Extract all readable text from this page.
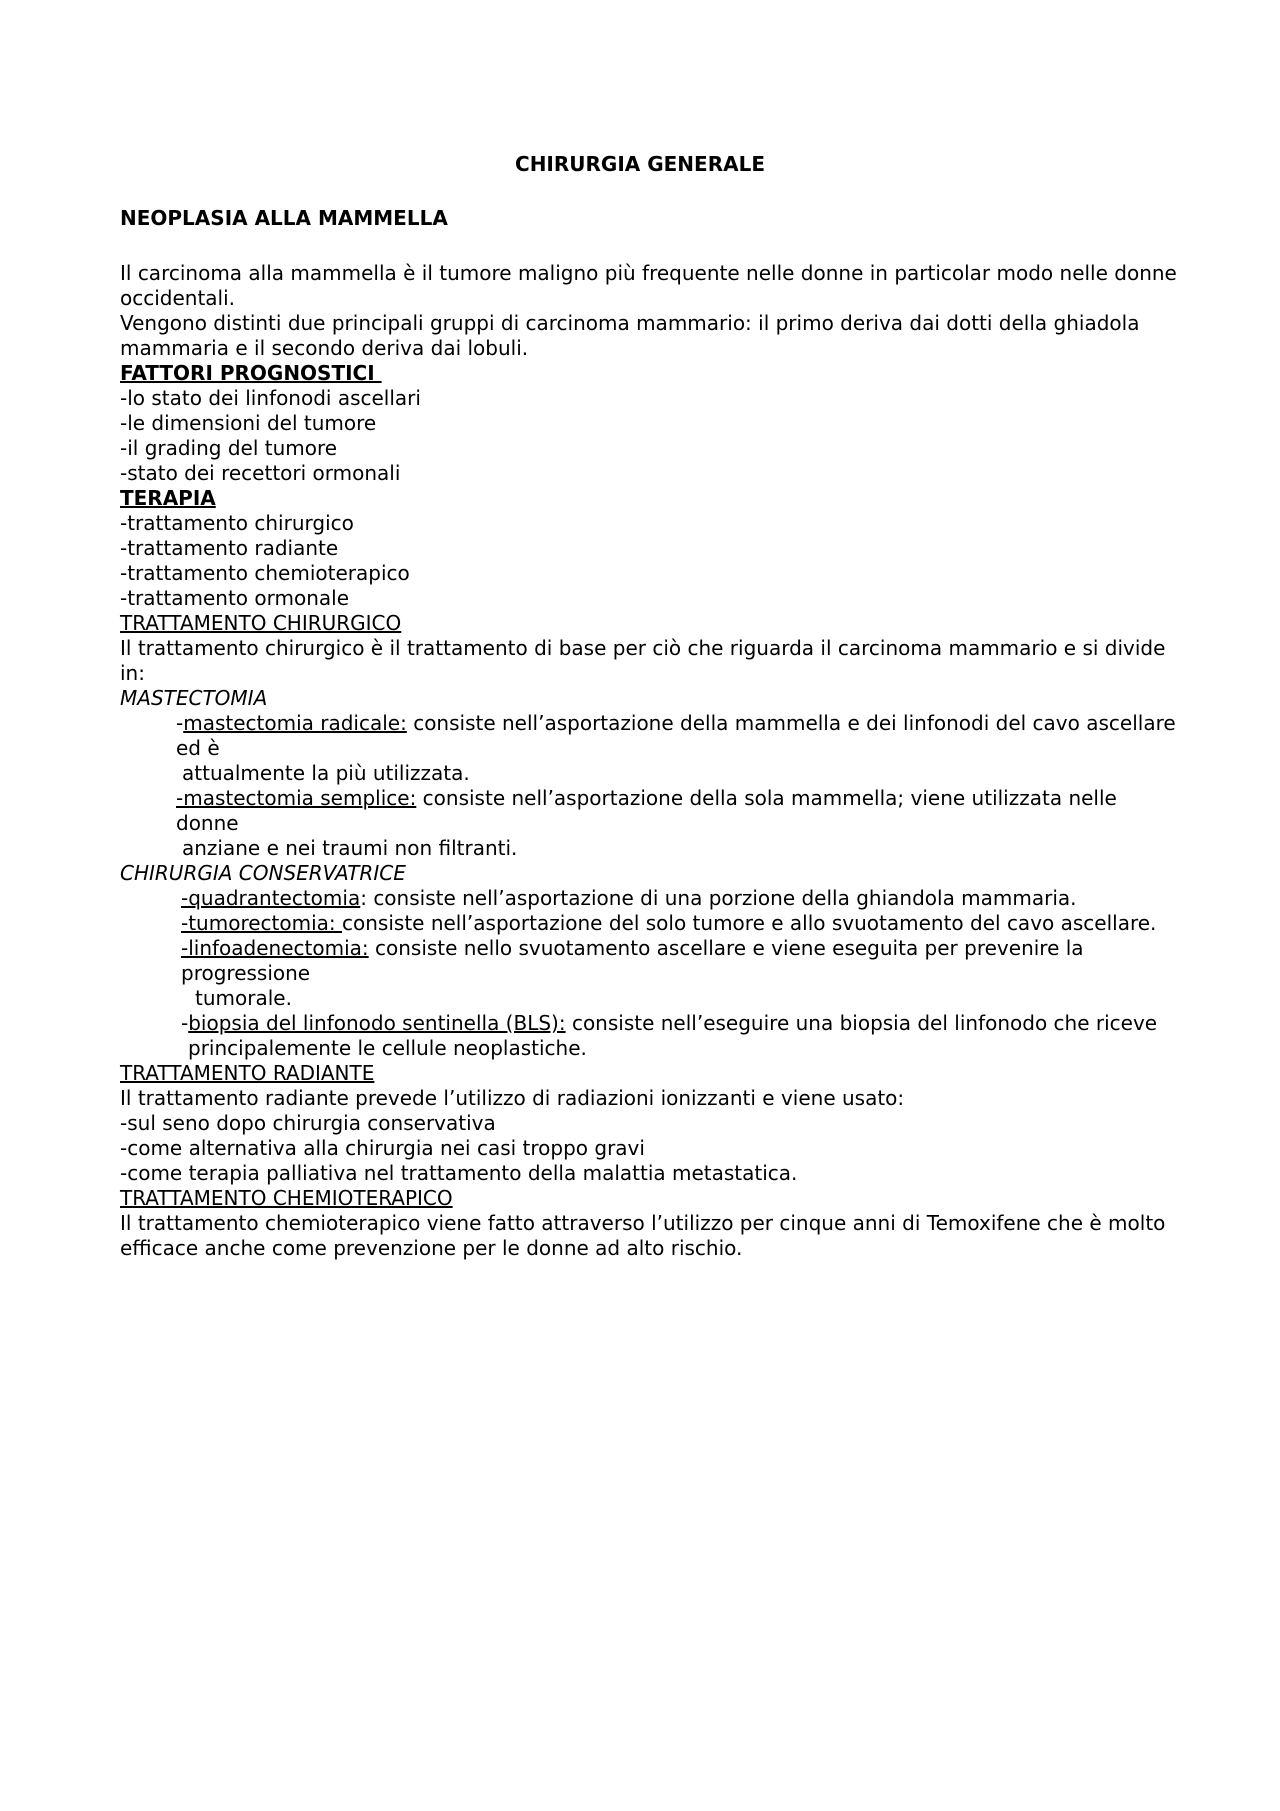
CHIRURGIA GENERALE
NEOPLASIA ALLA MAMMELLA

Il carcinoma alla mammella è il tumore maligno più frequente nelle donne in particolar modo nelle donne occidentali.

Vengono distinti due principali gruppi di carcinoma mammario: il primo deriva dai dotti della ghiadola mammaria e il secondo deriva dai lobuli.

FATTORI PROGNOSTICI

-lo stato dei linfonodi ascellari

-le dimensioni del tumore

-il grading del tumore

-stato dei recettori ormonali

TERAPIA

-trattamento chirurgico

-trattamento radiante

-trattamento chemioterapico

-trattamento ormonale

TRATTAMENTO CHIRURGICO

Il trattamento chirurgico è il trattamento di base per ciò che riguarda il carcinoma mammario e si divide in:

MASTECTOMIA

-mastectomia radicale: consiste nell’asportazione della mammella e dei linfonodi del cavo ascellare ed è

attualmente la più utilizzata.

-mastectomia semplice: consiste nell’asportazione della sola mammella; viene utilizzata nelle donne

anziane e nei traumi non filtranti.

CHIRURGIA CONSERVATRICE

-quadrantectomia: consiste nell’asportazione di una porzione della ghiandola mammaria.

-tumorectomia: consiste nell’asportazione del solo tumore e allo svuotamento del cavo ascellare.

-linfoadenectomia: consiste nello svuotamento ascellare e viene eseguita per prevenire la progressione

tumorale.

-biopsia del linfonodo sentinella (BLS): consiste nell’eseguire una biopsia del linfonodo che riceve

principalemente le cellule neoplastiche.

TRATTAMENTO RADIANTE

Il trattamento radiante prevede l’utilizzo di radiazioni ionizzanti e viene usato:

-sul seno dopo chirurgia conservativa

-come alternativa alla chirurgia nei casi troppo gravi

-come terapia palliativa nel trattamento della malattia metastatica.

TRATTAMENTO CHEMIOTERAPICO

Il trattamento chemioterapico viene fatto attraverso l’utilizzo per cinque anni di Temoxifene che è molto efficace anche come prevenzione per le donne ad alto rischio.
